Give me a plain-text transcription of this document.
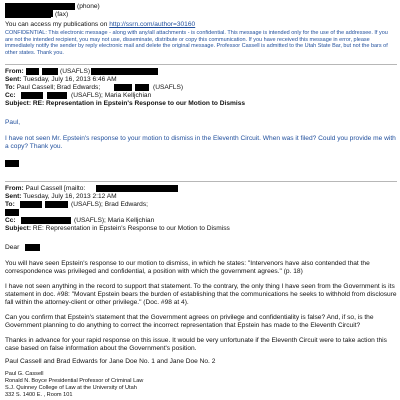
(phone)
(fax)
You can access my publications on http://ssrn.com/author=30160
CONFIDENTIAL: This electronic message - along with any/all attachments - is confidential. This message is intended only for the use of the addressee. If you are not the intended recipient, you may not use, disseminate, distribute or copy this communication. If you have received this message in error, please immediately notify the sender by reply electronic mail and delete the original message. Professor Cassell is admitted to the Utah State Bar, but not the bars of other states. Thank you.
From:	(USAFLS)
Sent: Tuesday, July 16, 2013 6:46 AM
To: Paul Cassell; Brad Edwards;	(USAFLS)
Cc:	(USAFLS); Maria Kelljchian
Subject: RE: Representation in Epstein's Response to our Motion to Dismiss
Paul,
I have not seen Mr. Epstein's response to your motion to dismiss in the Eleventh Circuit. When was it filed? Could you provide me with a copy? Thank you.
From: Paul Cassell [mailto:
Sent: Tuesday, July 16, 2013 2:12 AM
To:	(USAFLS); Brad Edwards;
Cc:	(USAFLS); Maria Kelljchian
Subject: RE: Representation in Epstein's Response to our Motion to Dismiss
Dear
You will have seen Epstein's response to our motion to dismiss, in which he states: "Intervenors have also contended that the correspondence was privileged and confidential, a position with which the government agrees." (p. 18)
I have not seen anything in the record to support that statement. To the contrary, the only thing I have seen from the Government is its statement in doc. #98: "Movant Epstein bears the burden of establishing that the communications he seeks to withhold from disclosure fall within the attorney-client or other privilege." (Doc. #98 at 4).
Can you confirm that Epstein's statement that the Government agrees on privilege and confidentiality is false? And, if so, is the Government planning to do anything to correct the incorrect representation that Epstein has made to the Eleventh Circuit?
Thanks in advance for your rapid response on this issue. It would be very unfortunate if the Eleventh Circuit were to take action this case based on false information about the Government's position.
Paul Cassell and Brad Edwards for Jane Doe No. 1 and Jane Doe No. 2
Paul G. Cassell
Ronald N. Boyce Presidential Professor of Criminal Law
S.J. Quinney College of Law at the University of Utah
332 S. 1400 E. , Room 101
